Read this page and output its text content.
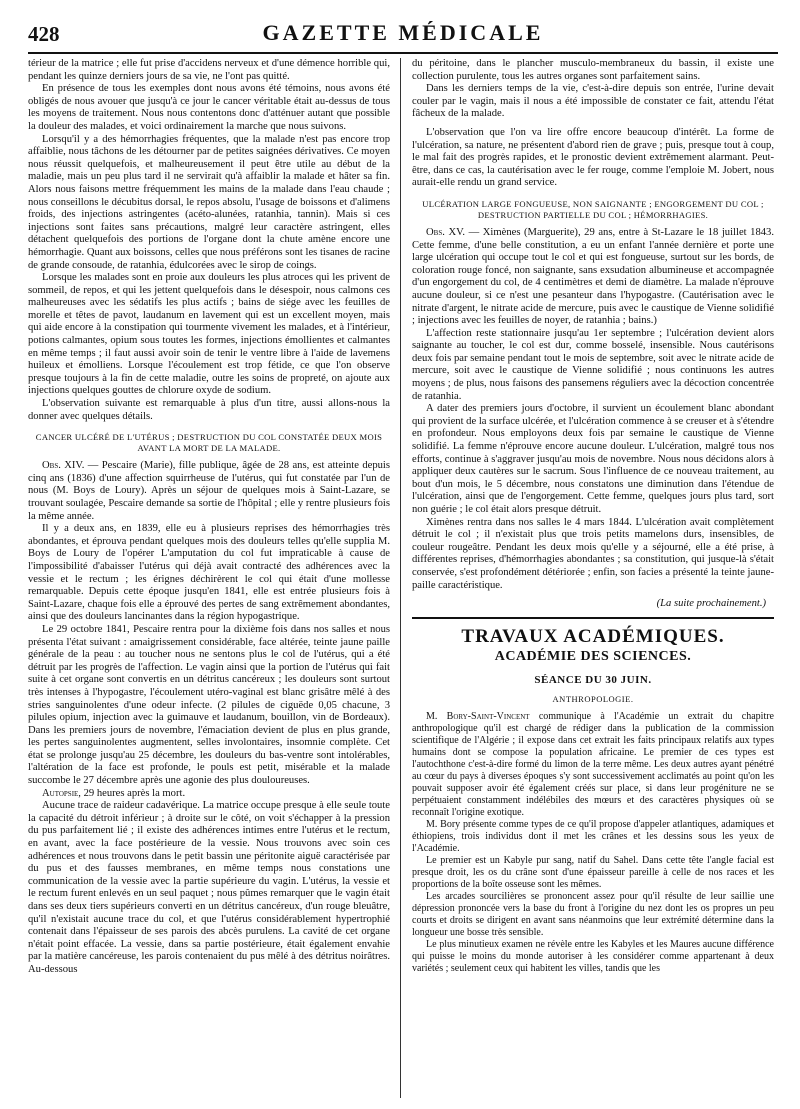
428	GAZETTE MÉDICALE

térieur de la matrice ; elle fut prise d'accidens nerveux et d'une démence horrible qui, pendant les quinze derniers jours de sa vie, ne l'ont pas quitté.

En présence de tous les exemples dont nous avons été témoins, nous avons été obligés de nous avouer que jusqu'à ce jour le cancer véritable était au-dessus de tous les moyens de traitement. Nous nous contentons donc d'atténuer autant que possible la douleur des malades, et voici ordinairement la marche que nous suivons.

Lorsqu'il y a des hémorrhagies fréquentes, que la malade n'est pas encore trop affaiblie, nous tâchons de les détourner par de petites saignées dérivatives. Ce moyen nous réussit quelquefois, et malheureusement il peut être utile au début de la maladie, mais un peu plus tard il ne servirait qu'à affaiblir la malade et hâter sa fin. Alors nous faisons mettre fréquemment les mains de la malade dans l'eau chaude ; nous conseillons le décubitus dorsal, le repos absolu, l'usage de boissons et d'alimens froids, des injections astringentes (acéto-alunées, ratanhia, tannin). Mais si ces injections sont faites sans précautions, malgré leur caractère astringent, elles détachent quelquefois des portions de l'organe dont la chute amène encore une hémorrhagie. Quant aux boissons, celles que nous préférons sont les tisanes de racine de grande consoude, de ratanhia, édulcorées avec le sirop de coings.

Lorsque les malades sont en proie aux douleurs les plus atroces qui les privent de sommeil, de repos, et qui les jettent quelquefois dans le désespoir, nous calmons ces malheureuses avec les sédatifs les plus actifs ; bains de siége avec les feuilles de morelle et têtes de pavot, laudanum en lavement qui est un excellent moyen, mais qui aide encore à la constipation qui tourmente vivement les malades, et à l'intérieur, potions calmantes, opium sous toutes les formes, injections émollientes et calmantes en même temps ; il faut aussi avoir soin de tenir le ventre libre à l'aide de lavemens huileux et émolliens. Lorsque l'écoulement est trop fétide, ce que l'on observe presque toujours à la fin de cette maladie, outre les soins de propreté, on ajoute aux injections quelques gouttes de chlorure oxyde de sodium.

L'observation suivante est remarquable à plus d'un titre, aussi allons-nous la donner avec quelques détails.

CANCER ULCÉRÉ DE L'UTÉRUS ; DESTRUCTION DU COL CONSTATÉE DEUX MOIS AVANT LA MORT DE LA MALADE.

Obs. XIV. — Pescaire (Marie), fille publique, âgée de 28 ans, est atteinte depuis cinq ans (1836) d'une affection squirrheuse de l'utérus, qui fut constatée par l'un de nous (M. Boys de Loury). Après un séjour de quelques mois à Saint-Lazare, se trouvant soulagée, Pescaire demande sa sortie de l'hôpital ; elle y rentre plusieurs fois la même année.

Il y a deux ans, en 1839, elle eu à plusieurs reprises des hémorrhagies très abondantes, et éprouva pendant quelques mois des douleurs telles qu'elle supplia M. Boys de Loury de l'opérer L'amputation du col fut impraticable à cause de l'impossibilité d'abaisser l'utérus qui déjà avait contracté des adhérences avec la vessie et le rectum ; les érignes déchirèrent le col qui était d'une mollesse remarquable. Depuis cette époque jusqu'en 1841, elle est entrée plusieurs fois à Saint-Lazare, chaque fois elle a éprouvé des pertes de sang extrêmement abondantes, ainsi que des douleurs lancinantes dans la région hypogastrique.

Le 29 octobre 1841, Pescaire rentra pour la dixième fois dans nos salles et nous présenta l'état suivant : amaigrissement considérable, face altérée, teinte jaune paille générale de la peau : au toucher nous ne sentons plus le col de l'utérus, qui a été détruit par les progrès de l'affection. Le vagin ainsi que la portion de l'utérus qui fait suite à cet organe sont convertis en un détritus cancéreux ; les douleurs sont surtout très intenses à l'hypogastre, l'écoulement utéro-vaginal est blanc grisâtre mêlé à des stries sanguinolentes d'une odeur infecte. (2 pilules de ciguëde 0,05 chacune, 3 pilules opium, injection avec la guimauve et laudanum, bouillon, vin de Bordeaux). Dans les premiers jours de novembre, l'émaciation devient de plus en plus grande, les pertes sanguinolentes augmentent, selles involontaires, insomnie complète. Cet état se prolonge jusqu'au 25 décembre, les douleurs du bas-ventre sont intolérables, l'altération de la face est profonde, le pouls est petit, misérable et la malade succombe le 27 décembre après une agonie des plus douloureuses.

Autopsie, 29 heures après la mort.

Aucune trace de raideur cadavérique. La matrice occupe presque à elle seule toute la capacité du détroit inférieur ; à droite sur le côté, on voit s'échapper à la pression du pus parfaitement lié ; il existe des adhérences intimes entre l'utérus et le rectum, en avant, avec la face postérieure de la vessie. Nous trouvons avec soin ces adhérences et nous trouvons dans le petit bassin une péritonite aiguë caractérisée par du pus et des fausses membranes, en même temps nous constations une communication de la vessie avec la partie supérieure du vagin. L'utérus, la vessie et le rectum furent enlevés en un seul paquet ; nous pûmes remarquer que le vagin était dans ses deux tiers supérieurs converti en un détritus cancéreux, d'un rouge bleuâtre, qu'il n'existait aucune trace du col, et que l'utérus considérablement hypertrophié contenait dans l'épaisseur de ses parois des abcès purulens. La cavité de cet organe n'était point effacée. La vessie, dans sa partie postérieure, était également envahie par la matière cancéreuse, les parois contenaient du pus mêlé à des détritus noirâtres. Au-dessous

du péritoine, dans le plancher musculo-membraneux du bassin, il existe une collection purulente, tous les autres organes sont parfaitement sains.

Dans les derniers temps de la vie, c'est-à-dire depuis son entrée, l'urine devait couler par le vagin, mais il nous a été impossible de constater ce fait, attendu l'état fâcheux de la malade.

L'observation que l'on va lire offre encore beaucoup d'intérêt. La forme de l'ulcération, sa nature, ne présentent d'abord rien de grave ; puis, presque tout à coup, le mal fait des progrès rapides, et le pronostic devient extrêmement alarmant. Peut-être, dans ce cas, la cautérisation avec le fer rouge, comme l'emploie M. Jobert, nous aurait-elle rendu un grand service.

ULCÉRATION LARGE FONGUEUSE, NON SAIGNANTE ; ENGORGEMENT DU COL ; DESTRUCTION PARTIELLE DU COL ; HÉMORRHAGIES.

Obs. XV. — Ximènes (Marguerite), 29 ans, entre à St-Lazare le 18 juillet 1843. Cette femme, d'une belle constitution, a eu un enfant l'année dernière et porte une large ulcération qui occupe tout le col et qui est fongueuse, surtout sur les bords, de coloration rouge foncé, non saignante, sans exsudation albumineuse et accompagnée d'un engorgement du col, de 4 centimètres et demi de diamètre. La malade n'éprouve aucune douleur, si ce n'est une pesanteur dans l'hypogastre. (Cautérisation avec le nitrate d'argent, le nitrate acide de mercure, puis avec le caustique de Vienne solidifié ; injections avec les feuilles de noyer, de ratanhia ; bains.)

L'affection reste stationnaire jusqu'au 1er septembre ; l'ulcération devient alors saignante au toucher, le col est dur, comme bosselé, insensible. Nous cautérisons deux fois par semaine pendant tout le mois de septembre, soit avec le nitrate acide de mercure, soit avec le caustique de Vienne solidifié ; nous continuons les autres moyens ; de plus, nous faisons des pansemens réguliers avec la décoction concentrée de ratanhia.

A dater des premiers jours d'octobre, il survient un écoulement blanc abondant qui provient de la surface ulcérée, et l'ulcération commence à se creuser et à s'étendre en profondeur. Nous employons deux fois par semaine le caustique de Vienne solidifié. La femme n'éprouve encore aucune douleur. L'ulcération, malgré tous nos efforts, continue à s'aggraver jusqu'au mois de novembre. Nous nous décidons alors à appliquer deux cautères sur le sacrum. Sous l'influence de ce nouveau traitement, au bout d'un mois, le 5 décembre, nous constatons une diminution dans l'étendue de l'ulcération, ainsi que de l'engorgement. Cette femme, quelques jours plus tard, sort non guérie ; le col était alors presque détruit.

Ximènes rentra dans nos salles le 4 mars 1844. L'ulcération avait complètement détruit le col ; il n'existait plus que trois petits mamelons durs, insensibles, de couleur rougeâtre. Pendant les deux mois qu'elle y a séjourné, elle a été prise, à différentes reprises, d'hémorrhagies abondantes ; sa constitution, qui jusque-là s'était conservée, s'est profondément détériorée ; enfin, son facies a présenté la teinte jaune-paille caractéristique.

(La suite prochainement.)
TRAVAUX ACADÉMIQUES.
ACADÉMIE DES SCIENCES.
SÉANCE DU 30 JUIN.
ANTHROPOLOGIE.

M. Bory-Saint-Vincent communique à l'Académie un extrait du chapitre anthropologique qu'il est chargé de rédiger dans la publication de la commission scientifique de l'Algérie ; il expose dans cet extrait les faits principaux relatifs aux types humains dont se compose la population africaine. Le premier de ces types est l'autochthone c'est-à-dire formé du limon de la terre même. Les deux autres ayant pénétré au cœur du pays à diverses époques s'y sont successivement acclimatés au point qu'on les pouvait supposer avoir été également créés sur place, si dans leur progéniture ne se perpétuaient constamment indélébiles des mœurs et des caractères physiques où se reconnaît l'origine exotique.

M. Bory présente comme types de ce qu'il propose d'appeler atlantiques, adamiques et éthiopiens, trois individus dont il met les crânes et les dessins sous les yeux de l'Académie.

Le premier est un Kabyle pur sang, natif du Sahel. Dans cette tête l'angle facial est presque droit, les os du crâne sont d'une épaisseur pareille à celle de nos races et les proportions de la boîte osseuse sont les mêmes.

Les arcades sourcilières se prononcent assez pour qu'il résulte de leur saillie une dépression prononcée vers la base du front à l'origine du nez dont les os propres un peu courts et droits se dirigent en avant sans néanmoins que leur extrémité détermine dans la longueur une bosse très sensible.

Le plus minutieux examen ne révèle entre les Kabyles et les Maures aucune différence qui puisse le moins du monde autoriser à les considérer comme appartenant à deux variétés ; seulement ceux qui habitent les villes, tandis que les
